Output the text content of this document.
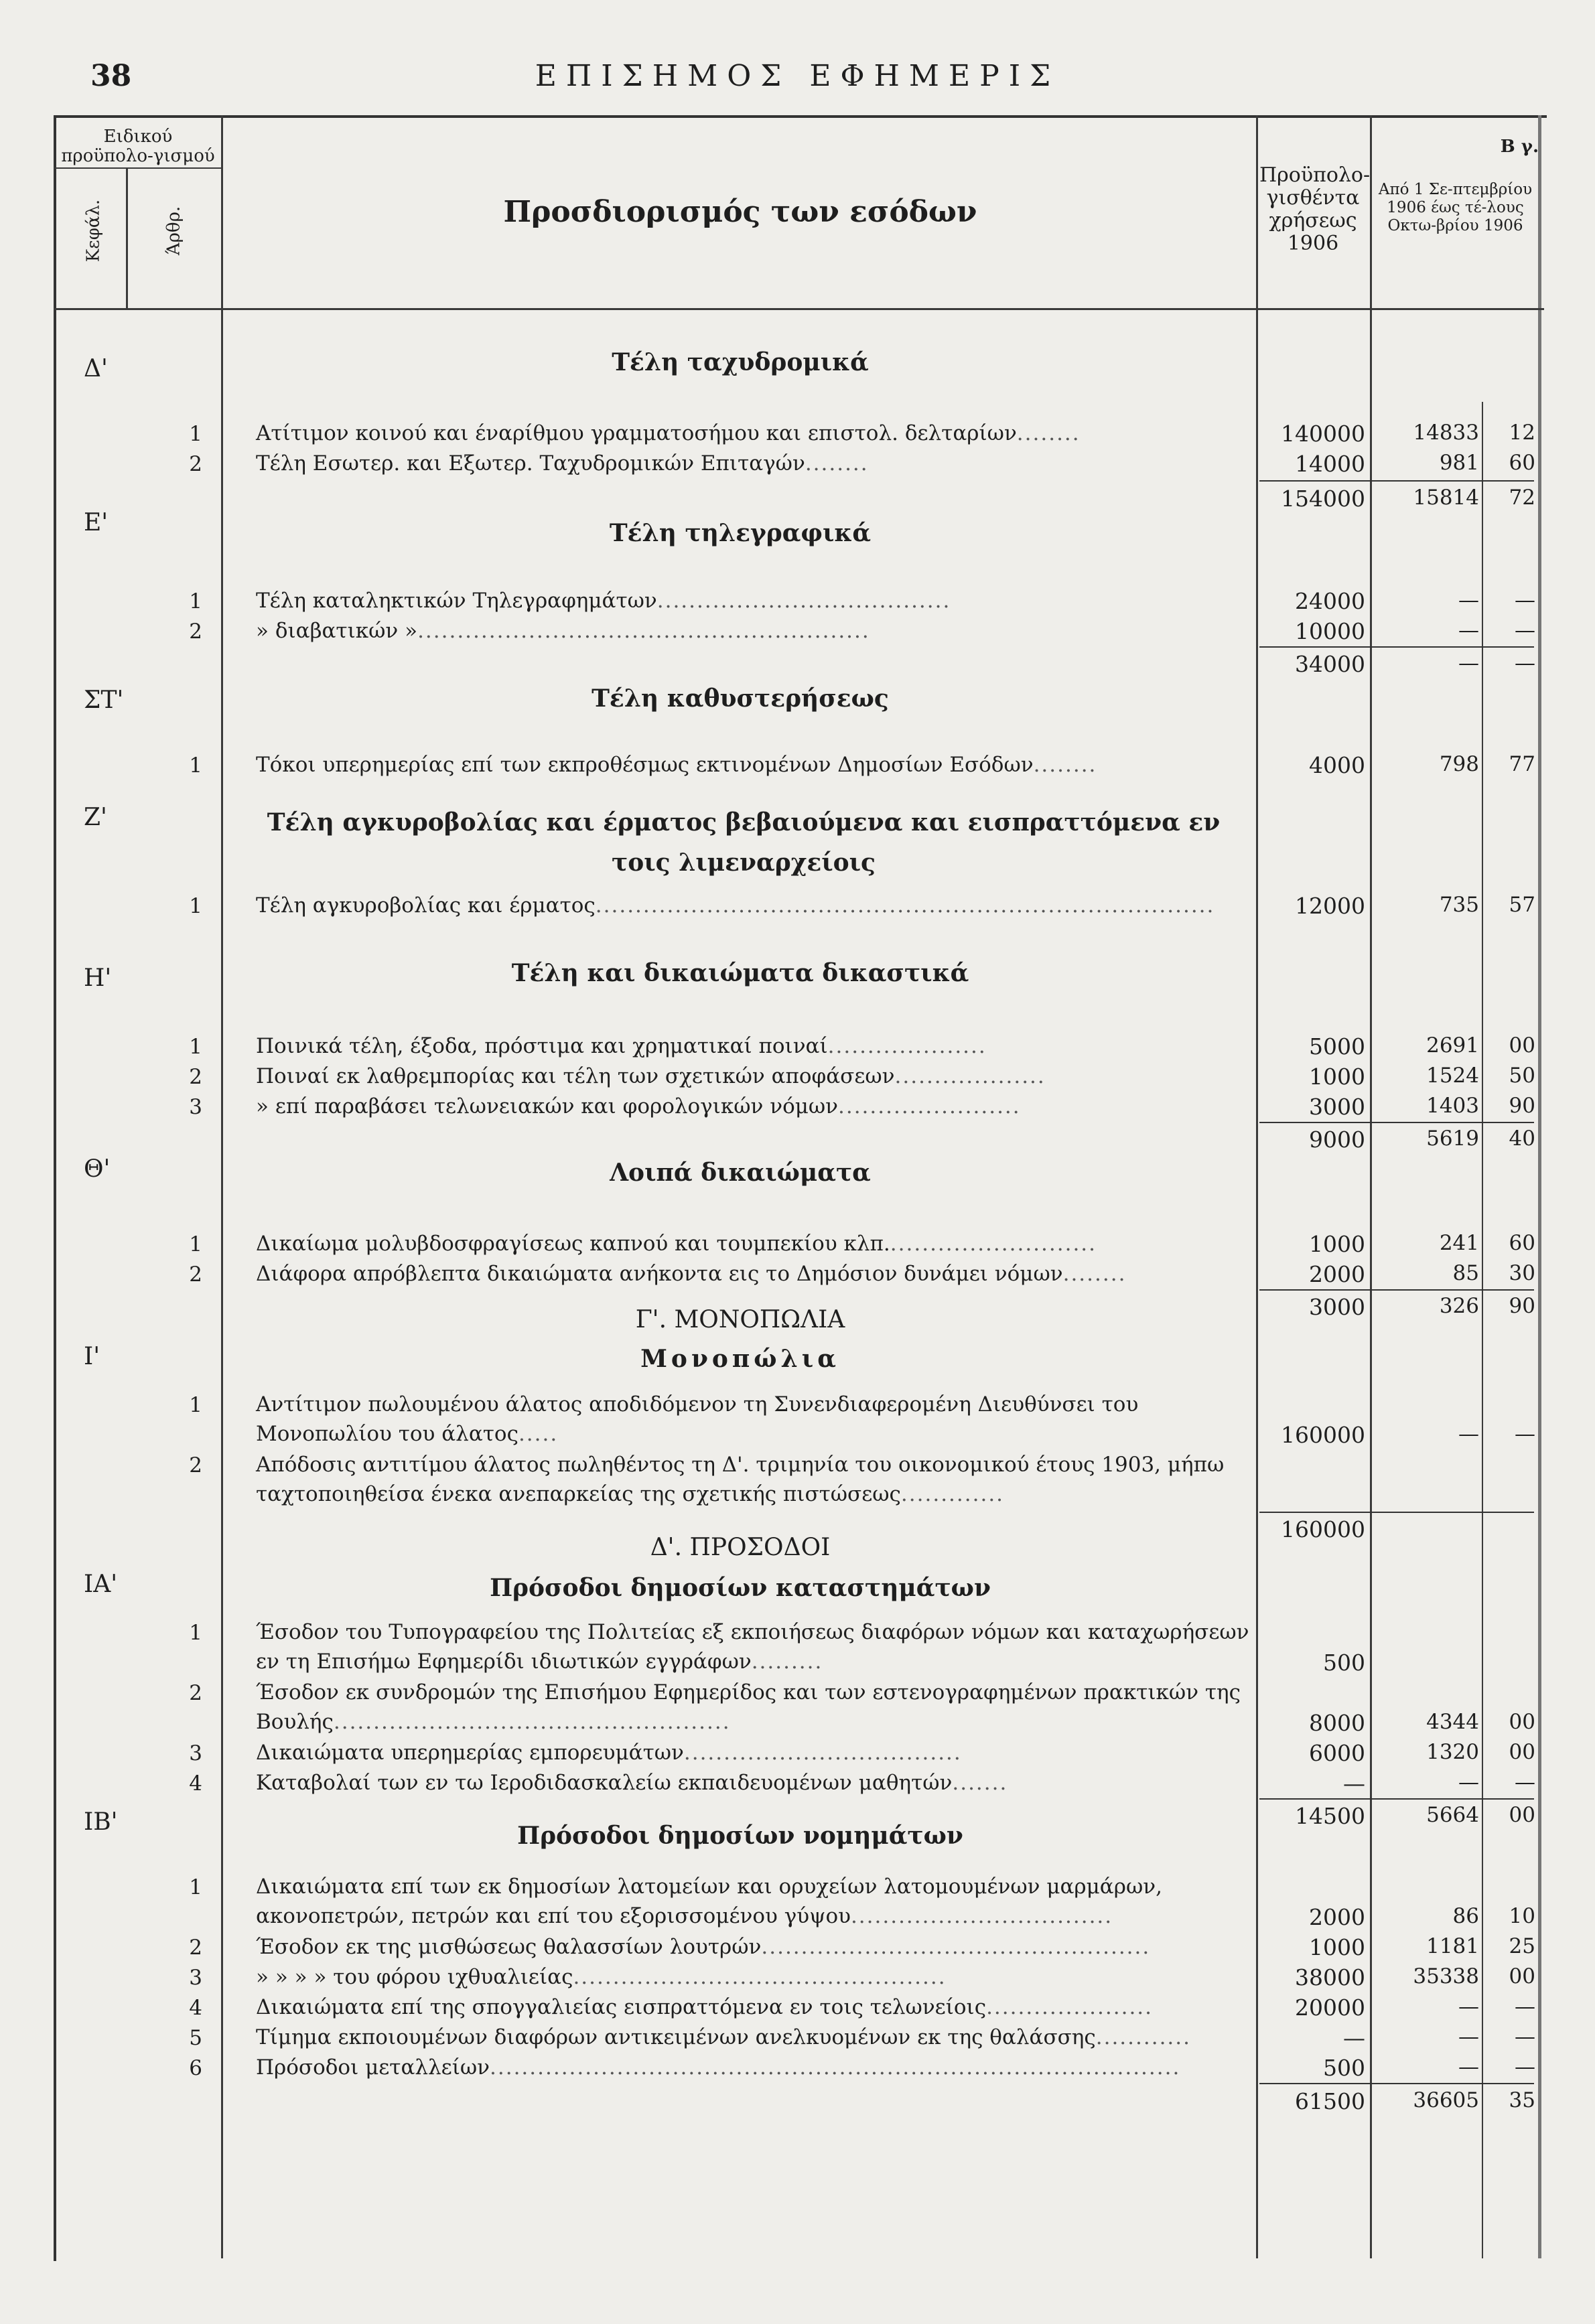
38	ΕΠΙΣΗΜΟΣ ΕΦΗΜΕΡΙΣ
Ειδικού προϋπολο-γισμού
Κεφάλ.	Άρθρ.	Προσδιορισμός των εσόδων
Προϋπολο-γισθέντα χρήσεως 1906
Β γ.
Από 1 Σε-πτεμβρίου 1906 έως τέ-λους Οκτω-βρίου 1906
Δ'	Τέλη ταχυδρομικά
1	Ατίτιμον κοινού και έναρίθμου γραμματοσήμου και επιστολ. δελταρίων........	140000	14833	12
2	Τέλη Εσωτερ. και Εξωτερ. Ταχυδρομικών Επιταγών........	14000	981	60
154000	15814	72
Ε'	Τέλη τηλεγραφικά
1	Τέλη καταληκτικών Τηλεγραφημάτων.....................................	24000	—	—
2	» διαβατικών ».........................................................	10000	—	—
34000	—	—
ΣΤ'	Τέλη καθυστερήσεως
1	Τόκοι υπερημερίας επί των εκπροθέσμως εκτινομένων Δημοσίων Εσόδων........	4000	798	77
Ζ'	Τέλη αγκυροβολίας και έρματος βεβαιούμενα και εισπραττόμενα εν τοις λιμεναρχείοις
1	Τέλη αγκυροβολίας και έρματος..............................................................................	12000	735	57
Η'	Τέλη και δικαιώματα δικαστικά
1	Ποινικά τέλη, έξοδα, πρόστιμα και χρηματικαί ποιναί....................	5000	2691	00
2	Ποιναί εκ λαθρεμπορίας και τέλη των σχετικών αποφάσεων...................	1000	1524	50
3	» επί παραβάσει τελωνειακών και φορολογικών νόμων.......................	3000	1403	90
9000	5619	40
Θ'	Λοιπά δικαιώματα
1	Δικαίωμα μολυβδοσφραγίσεως καπνού και τουμπεκίου κλπ...........................	1000	241	60
2	Διάφορα απρόβλεπτα δικαιώματα ανήκοντα εις το Δημόσιον δυνάμει νόμων........	2000	85	30
3000	326	90
Γ'. ΜΟΝΟΠΩΛΙΑ
Ι'	Μονοπώλια
1	Αντίτιμον πωλουμένου άλατος αποδιδόμενον τη Συνενδιαφερομένη Διευθύνσει του Μονοπωλίου του άλατος.....	160000	—	—
2	Απόδοσις αντιτίμου άλατος πωληθέντος τη Δ'. τριμηνία του οικονομικού έτους 1903, μήπω ταχτοποιηθείσα ένεκα ανεπαρκείας της σχετικής πιστώσεως.............
160000
Δ'. ΠΡΟΣΟΔΟΙ
ΙΑ'	Πρόσοδοι δημοσίων καταστημάτων
1	Έσοδον του Τυπογραφείου της Πολιτείας εξ εκποιήσεως διαφόρων νόμων και καταχωρήσεων εν τη Επισήμω Εφημερίδι ιδιωτικών εγγράφων.........	500
2	Έσοδον εκ συνδρομών της Επισήμου Εφημερίδος και των εστενογραφημένων πρακτικών της Βουλής..................................................	8000	4344	00
3	Δικαιώματα υπερημερίας εμπορευμάτων...................................	6000	1320	00
4	Καταβολαί των εν τω Ιεροδιδασκαλείω εκπαιδευομένων μαθητών.......	—	—	—
14500	5664	00
ΙΒ'	Πρόσοδοι δημοσίων νομημάτων
1	Δικαιώματα επί των εκ δημοσίων λατομείων και ορυχείων λατομουμένων μαρμάρων, ακονοπετρών, πετρών και επί του εξορισσομένου γύψου.................................	2000	86	10
2	Έσοδον εκ της μισθώσεως θαλασσίων λουτρών.................................................	1000	1181	25
3	» » » » του φόρου ιχθυαλιείας...............................................	38000	35338	00
4	Δικαιώματα επί της σπογγαλιείας εισπραττόμενα εν τοις τελωνείοις.....................	20000	—	—
5	Τίμημα εκποιουμένων διαφόρων αντικειμένων ανελκυομένων εκ της θαλάσσης............	—	—	—
6	Πρόσοδοι μεταλλείων.......................................................................................	500	—	—
61500	36605	35
